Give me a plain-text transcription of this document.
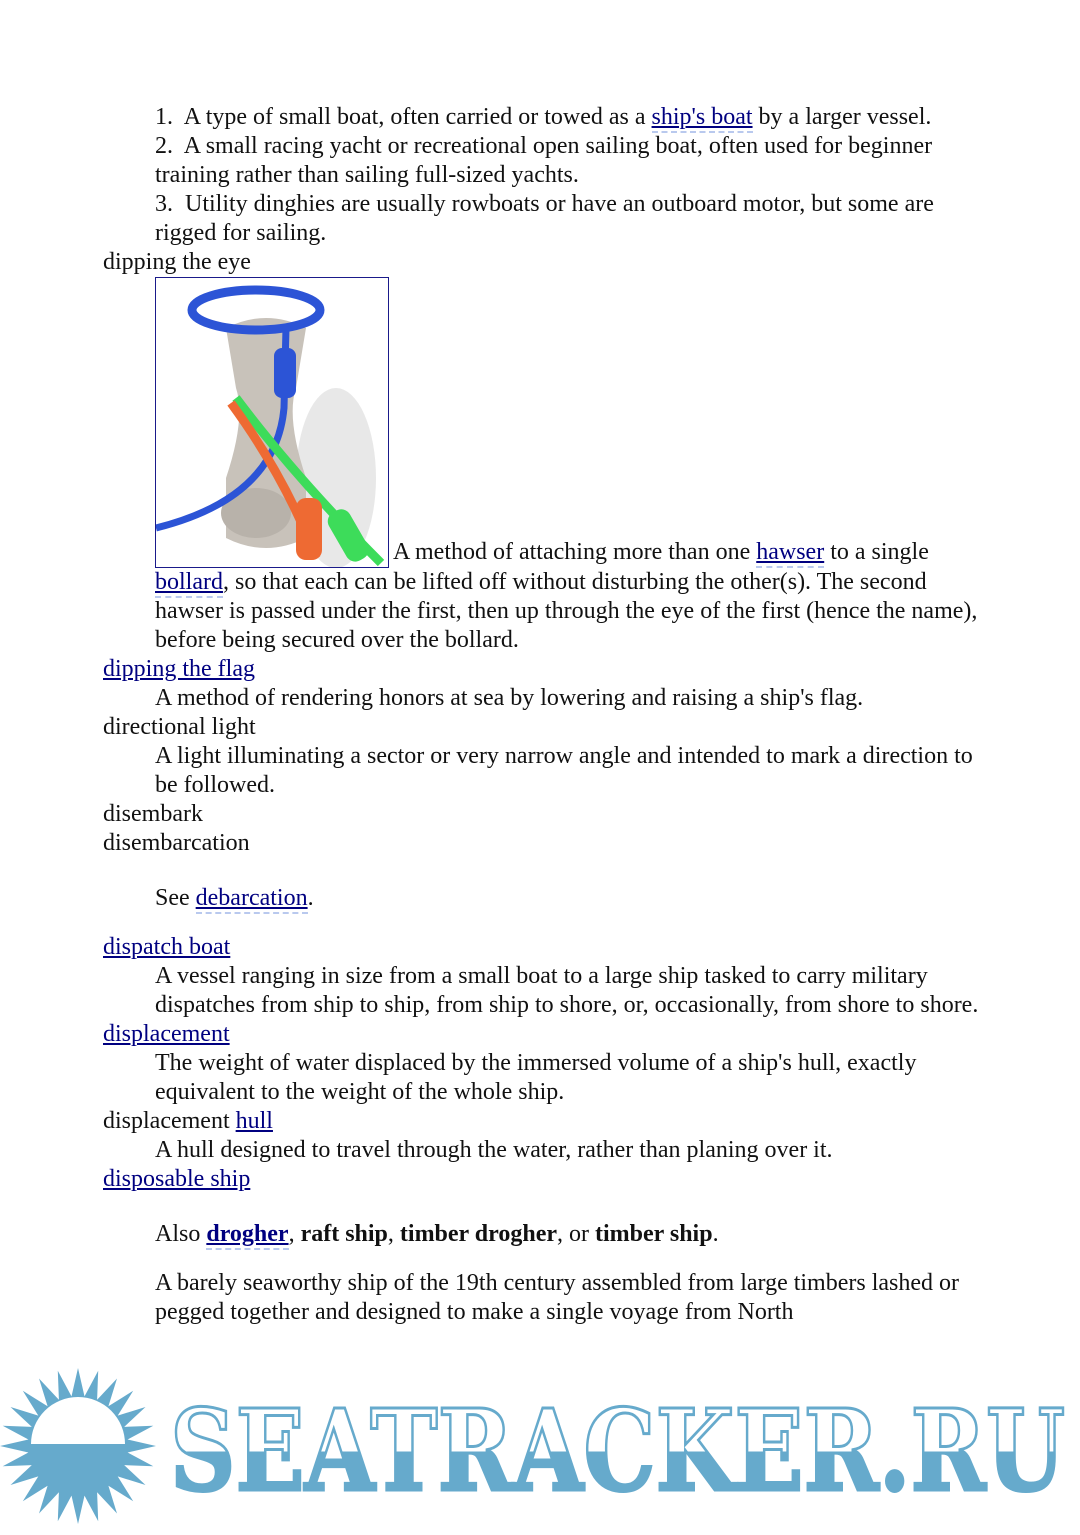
1. A type of small boat, often carried or towed as a ship's boat by a larger vessel.
2. A small racing yacht or recreational open sailing boat, often used for beginner training rather than sailing full-sized yachts.
3. Utility dinghies are usually rowboats or have an outboard motor, but some are rigged for sailing.
dipping the eye
A method of attaching more than one hawser to a single
bollard, so that each can be lifted off without disturbing the other(s). The second hawser is passed under the first, then up through the eye of the first (hence the name), before being secured over the bollard.
dipping the flag
A method of rendering honors at sea by lowering and raising a ship's flag.
directional light
A light illuminating a sector or very narrow angle and intended to mark a direction to be followed.
disembark
disembarcation
See debarcation.
dispatch boat
A vessel ranging in size from a small boat to a large ship tasked to carry military dispatches from ship to ship, from ship to shore, or, occasionally, from shore to shore.
displacement
The weight of water displaced by the immersed volume of a ship's hull, exactly equivalent to the weight of the whole ship.
displacement hull
A hull designed to travel through the water, rather than planing over it.
disposable ship
Also drogher, raft ship, timber drogher, or timber ship.
A barely seaworthy ship of the 19th century assembled from large timbers lashed or pegged together and designed to make a single voyage from North
SEATRACKER.RU
